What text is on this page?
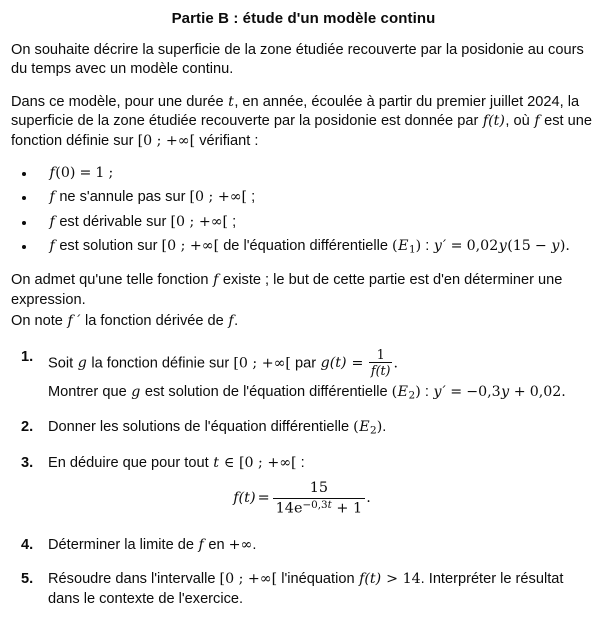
Partie B : étude d'un modèle continu

On souhaite décrire la superficie de la zone étudiée recouverte par la posidonie au cours du temps avec un modèle continu.

Dans ce modèle, pour une durée t, en année, écoulée à partir du premier juillet 2024, la superficie de la zone étudiée recouverte par la posidonie est donnée par f(t), où f est une fonction définie sur [0 ; +∞[ vérifiant :

f(0) = 1 ;
f ne s'annule pas sur [0 ; +∞[ ;
f est dérivable sur [0 ; +∞[ ;
f est solution sur [0 ; +∞[ de l'équation différentielle $(E_1)$ : y′ = 0,02y(15 − y).

On admet qu'une telle fonction f existe ; le but de cette partie est d'en déterminer une expression.

On note f ′ la fonction dérivée de f.

1. Soit g la fonction définie sur [0 ; +∞[ par $g(t) = \frac{1}{f(t)}$ .
Montrer que g est solution de l'équation différentielle $(E_2)$ : y′ = −0,3y + 0,02.
2. Donner les solutions de l'équation différentielle $(E_2)$.
3. En déduire que pour tout t ∈ [0 ; +∞[ :
$f(t) = \frac{15}{14e^{-0,3t} + 1}$ .
4. Déterminer la limite de f en +∞.
5. Résoudre dans l'intervalle [0 ; +∞[ l'inéquation f(t) > 14. Interpréter le résultat dans le contexte de l'exercice.
